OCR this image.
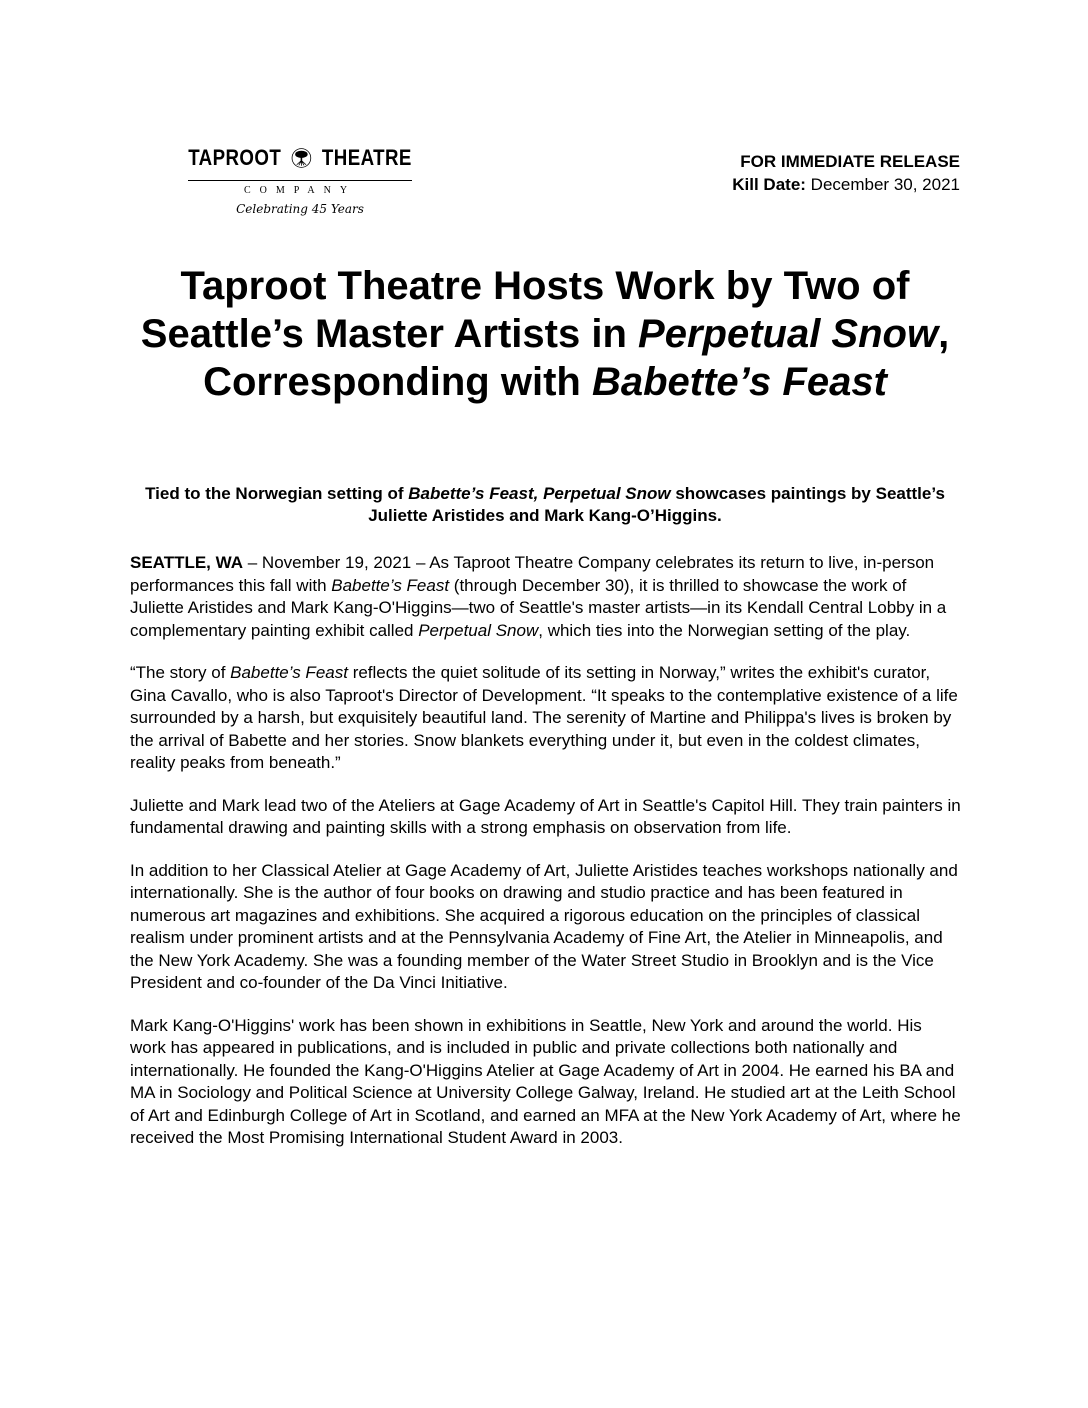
TAPROOT THEATRE
COMPANY
Celebrating 45 Years
FOR IMMEDIATE RELEASE
Kill Date: December 30, 2021
Taproot Theatre Hosts Work by Two of Seattle’s Master Artists in Perpetual Snow, Corresponding with Babette’s Feast
Tied to the Norwegian setting of Babette’s Feast, Perpetual Snow showcases paintings by Seattle’s Juliette Aristides and Mark Kang-O’Higgins.

SEATTLE, WA – November 19, 2021 – As Taproot Theatre Company celebrates its return to live, in-person performances this fall with Babette’s Feast (through December 30), it is thrilled to showcase the work of Juliette Aristides and Mark Kang-O'Higgins—two of Seattle's master artists—in its Kendall Central Lobby in a complementary painting exhibit called Perpetual Snow, which ties into the Norwegian setting of the play.

“The story of Babette’s Feast reflects the quiet solitude of its setting in Norway,” writes the exhibit's curator, Gina Cavallo, who is also Taproot's Director of Development. “It speaks to the contemplative existence of a life surrounded by a harsh, but exquisitely beautiful land. The serenity of Martine and Philippa's lives is broken by the arrival of Babette and her stories. Snow blankets everything under it, but even in the coldest climates, reality peaks from beneath.”

Juliette and Mark lead two of the Ateliers at Gage Academy of Art in Seattle's Capitol Hill. They train painters in fundamental drawing and painting skills with a strong emphasis on observation from life.

In addition to her Classical Atelier at Gage Academy of Art, Juliette Aristides teaches workshops nationally and internationally. She is the author of four books on drawing and studio practice and has been featured in numerous art magazines and exhibitions. She acquired a rigorous education on the principles of classical realism under prominent artists and at the Pennsylvania Academy of Fine Art, the Atelier in Minneapolis, and the New York Academy. She was a founding member of the Water Street Studio in Brooklyn and is the Vice President and co-founder of the Da Vinci Initiative.

Mark Kang-O'Higgins' work has been shown in exhibitions in Seattle, New York and around the world. His work has appeared in publications, and is included in public and private collections both nationally and internationally. He founded the Kang-O'Higgins Atelier at Gage Academy of Art in 2004. He earned his BA and MA in Sociology and Political Science at University College Galway, Ireland. He studied art at the Leith School of Art and Edinburgh College of Art in Scotland, and earned an MFA at the New York Academy of Art, where he received the Most Promising International Student Award in 2003.
